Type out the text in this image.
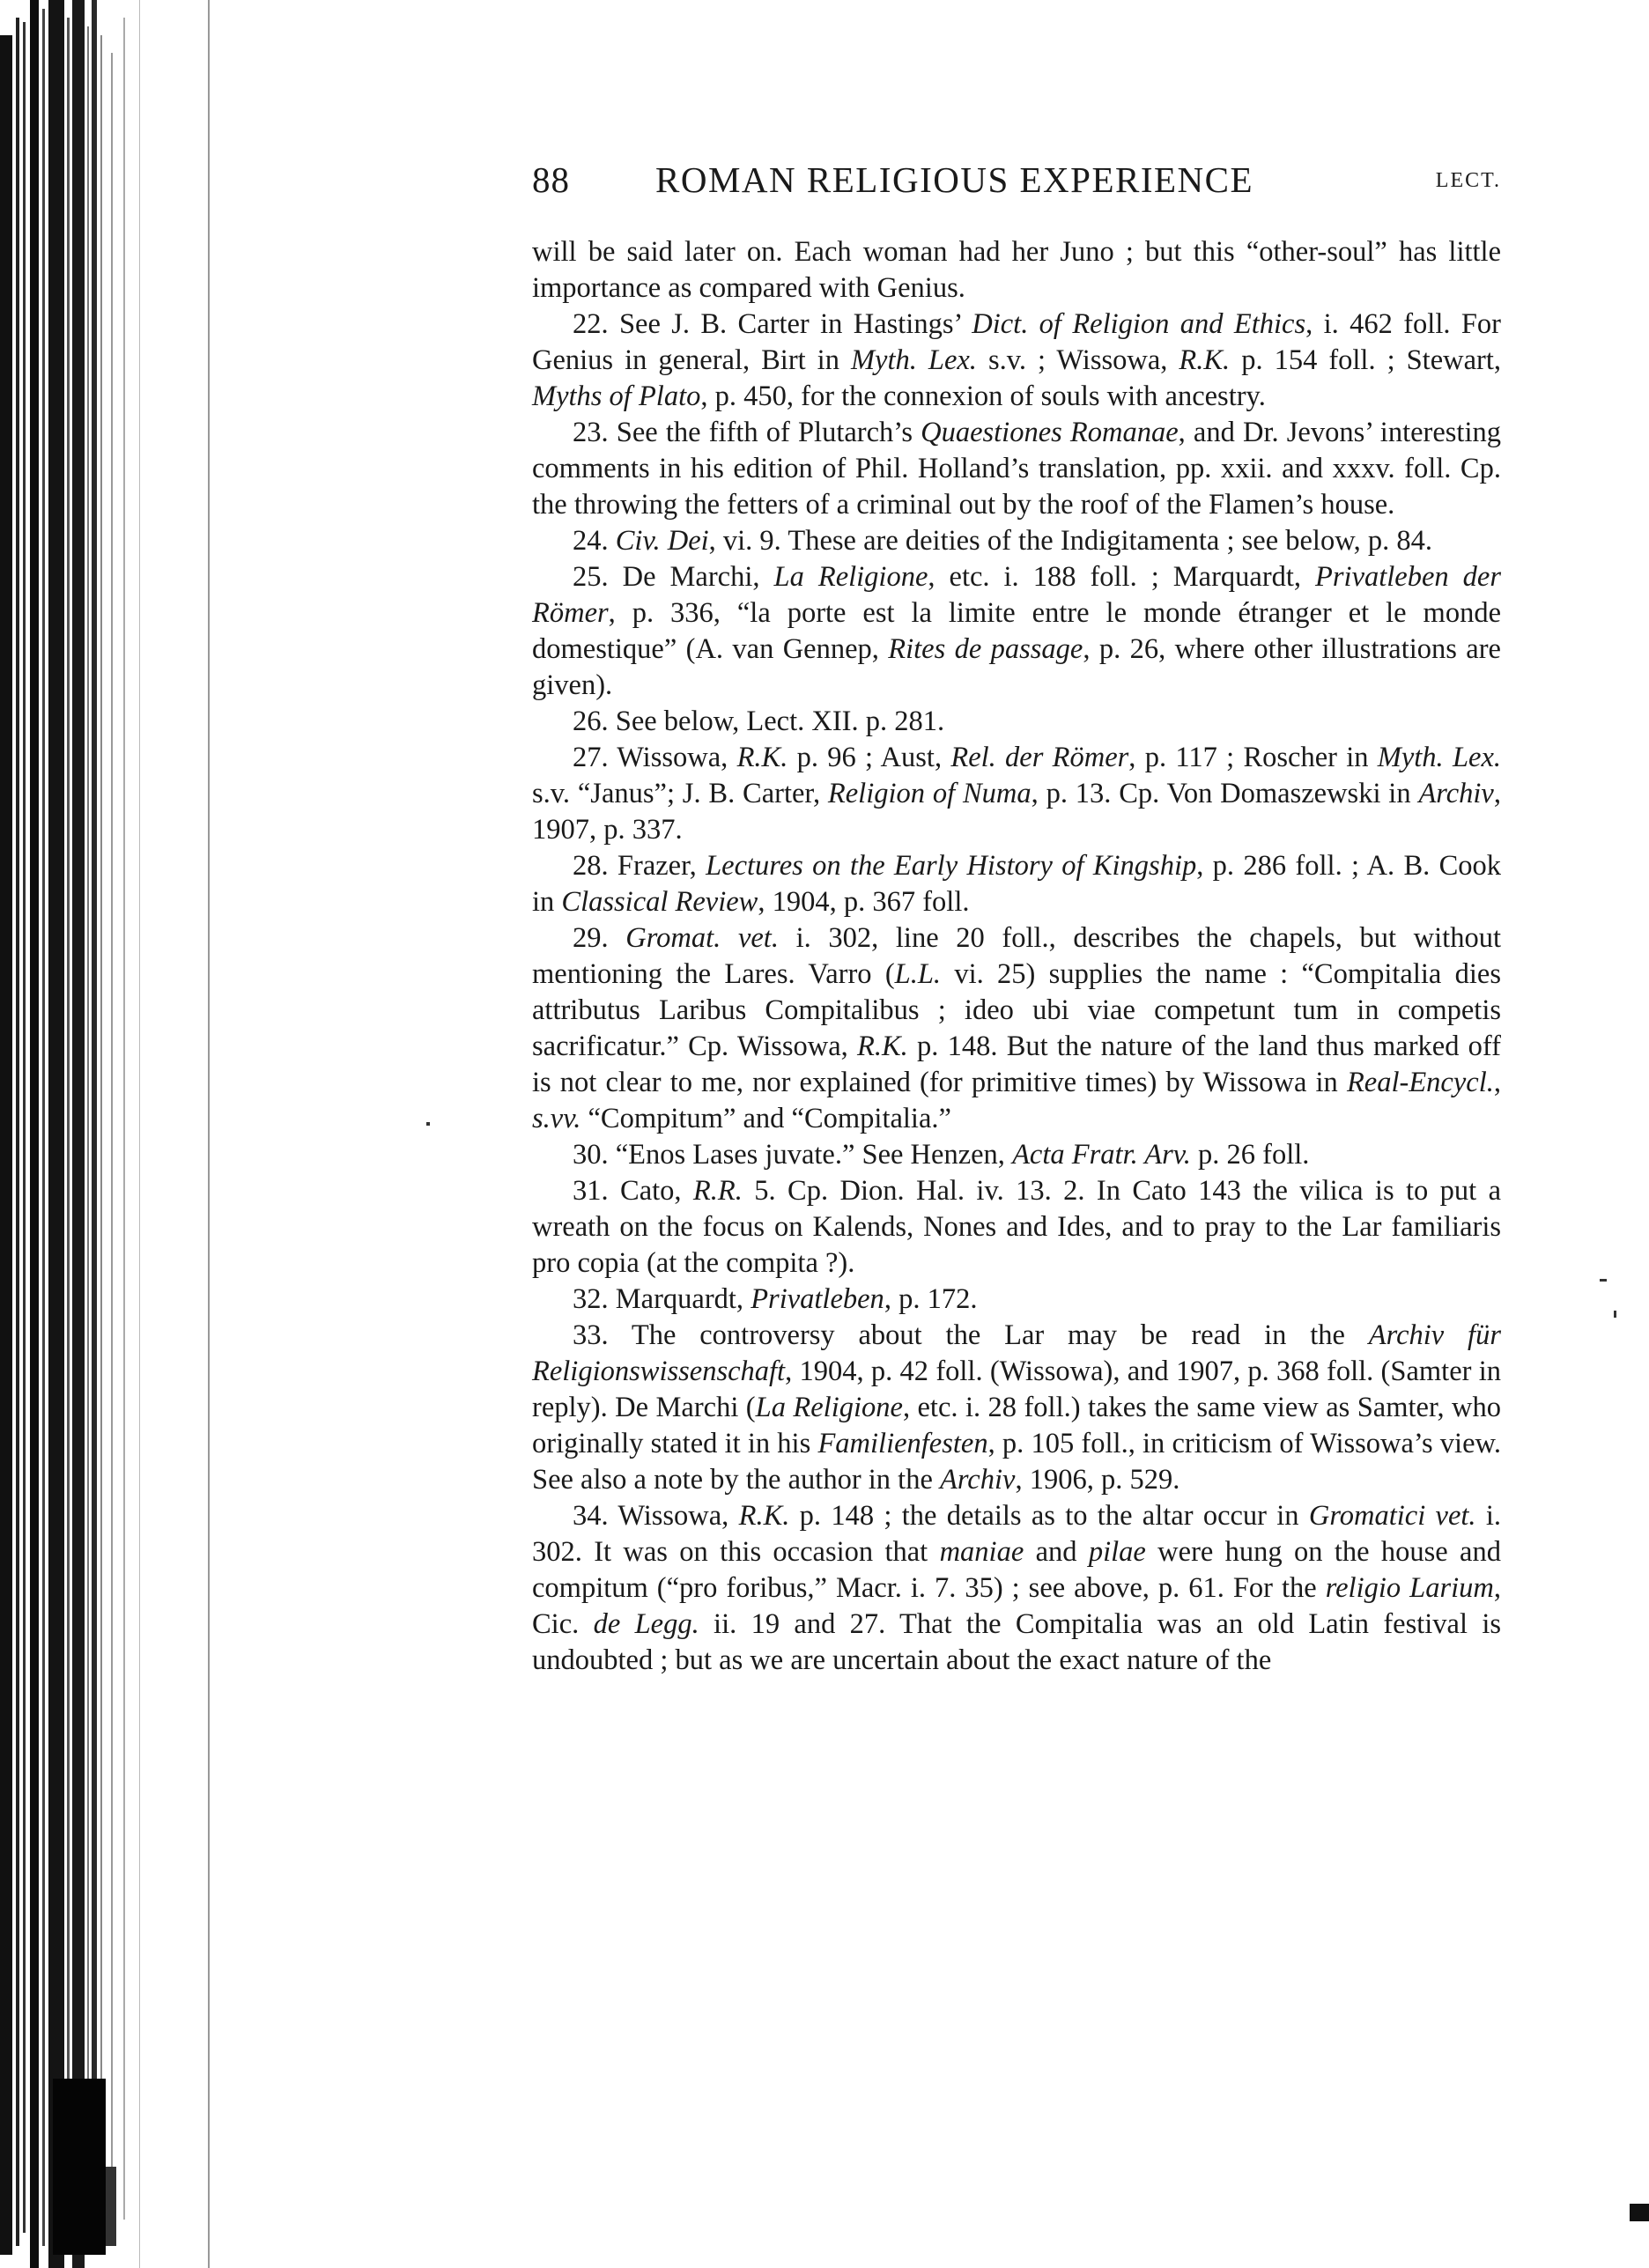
88 ROMAN RELIGIOUS EXPERIENCE	LECT.

will be said later on. Each woman had her Juno ; but this “other-soul” has little importance as compared with Genius.

22. See J. B. Carter in Hastings’ Dict. of Religion and Ethics, i. 462 foll. For Genius in general, Birt in Myth. Lex. s.v. ; Wissowa, R.K. p. 154 foll. ; Stewart, Myths of Plato, p. 450, for the connexion of souls with ancestry.

23. See the fifth of Plutarch’s Quaestiones Romanae, and Dr. Jevons’ interesting comments in his edition of Phil. Holland’s translation, pp. xxii. and xxxv. foll. Cp. the throwing the fetters of a criminal out by the roof of the Flamen’s house.

24. Civ. Dei, vi. 9. These are deities of the Indigitamenta ; see below, p. 84.

25. De Marchi, La Religione, etc. i. 188 foll. ; Marquardt, Privatleben der Römer, p. 336, “la porte est la limite entre le monde étranger et le monde domestique” (A. van Gennep, Rites de passage, p. 26, where other illustrations are given).

26. See below, Lect. XII. p. 281.

27. Wissowa, R.K. p. 96 ; Aust, Rel. der Römer, p. 117 ; Roscher in Myth. Lex. s.v. “Janus”; J. B. Carter, Religion of Numa, p. 13. Cp. Von Domaszewski in Archiv, 1907, p. 337.

28. Frazer, Lectures on the Early History of Kingship, p. 286 foll. ; A. B. Cook in Classical Review, 1904, p. 367 foll.

29. Gromat. vet. i. 302, line 20 foll., describes the chapels, but without mentioning the Lares. Varro (L.L. vi. 25) supplies the name : “Compitalia dies attributus Laribus Compitalibus ; ideo ubi viae competunt tum in competis sacrificatur.” Cp. Wissowa, R.K. p. 148. But the nature of the land thus marked off is not clear to me, nor explained (for primitive times) by Wissowa in Real-Encycl., s.vv. “Compitum” and “Compitalia.”

30. “Enos Lases juvate.” See Henzen, Acta Fratr. Arv. p. 26 foll.

31. Cato, R.R. 5. Cp. Dion. Hal. iv. 13. 2. In Cato 143 the vilica is to put a wreath on the focus on Kalends, Nones and Ides, and to pray to the Lar familiaris pro copia (at the compita ?).

32. Marquardt, Privatleben, p. 172.

33. The controversy about the Lar may be read in the Archiv für Religionswissenschaft, 1904, p. 42 foll. (Wissowa), and 1907, p. 368 foll. (Samter in reply). De Marchi (La Religione, etc. i. 28 foll.) takes the same view as Samter, who originally stated it in his Familienfesten, p. 105 foll., in criticism of Wissowa’s view. See also a note by the author in the Archiv, 1906, p. 529.

34. Wissowa, R.K. p. 148 ; the details as to the altar occur in Gromatici vet. i. 302. It was on this occasion that maniae and pilae were hung on the house and compitum (“pro foribus,” Macr. i. 7. 35) ; see above, p. 61. For the religio Larium, Cic. de Legg. ii. 19 and 27. That the Compitalia was an old Latin festival is undoubted ; but as we are uncertain about the exact nature of the
